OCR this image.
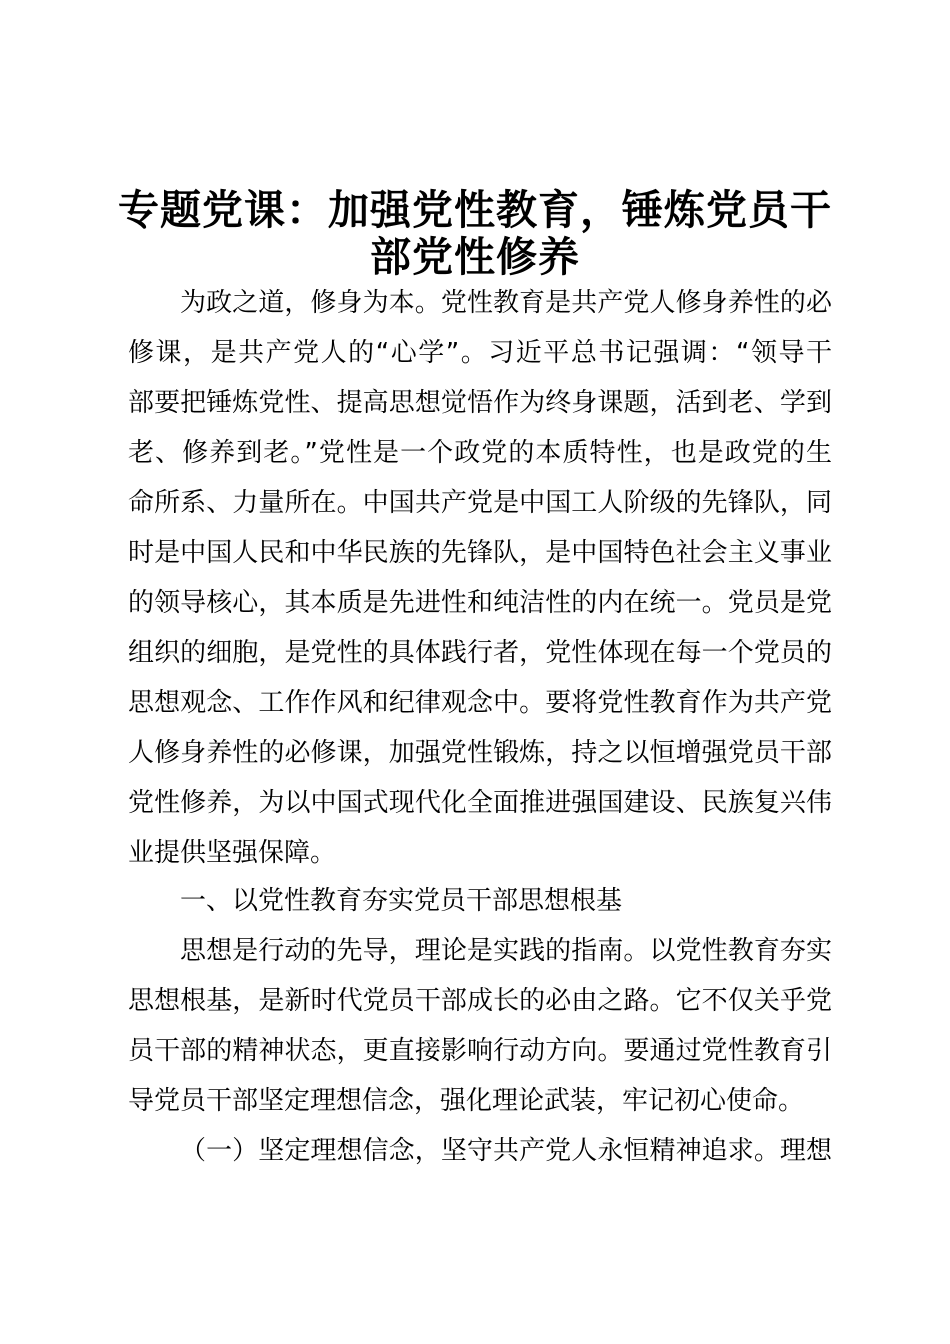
专题党课：加强党性教育，锤炼党员干
部党性修养
为政之道，修身为本。党性教育是共产党人修身养性的必
修课，是共产党人的“心学”。习近平总书记强调：“领导干
部要把锤炼党性、提高思想觉悟作为终身课题，活到老、学到
老、修养到老。”党性是一个政党的本质特性，也是政党的生
命所系、力量所在。中国共产党是中国工人阶级的先锋队，同
时是中国人民和中华民族的先锋队，是中国特色社会主义事业
的领导核心，其本质是先进性和纯洁性的内在统一。党员是党
组织的细胞，是党性的具体践行者，党性体现在每一个党员的
思想观念、工作作风和纪律观念中。要将党性教育作为共产党
人修身养性的必修课，加强党性锻炼，持之以恒增强党员干部
党性修养，为以中国式现代化全面推进强国建设、民族复兴伟
业提供坚强保障。
一、以党性教育夯实党员干部思想根基
思想是行动的先导，理论是实践的指南。以党性教育夯实
思想根基，是新时代党员干部成长的必由之路。它不仅关乎党
员干部的精神状态，更直接影响行动方向。要通过党性教育引
导党员干部坚定理想信念，强化理论武装，牢记初心使命。
（一）坚定理想信念，坚守共产党人永恒精神追求。理想
